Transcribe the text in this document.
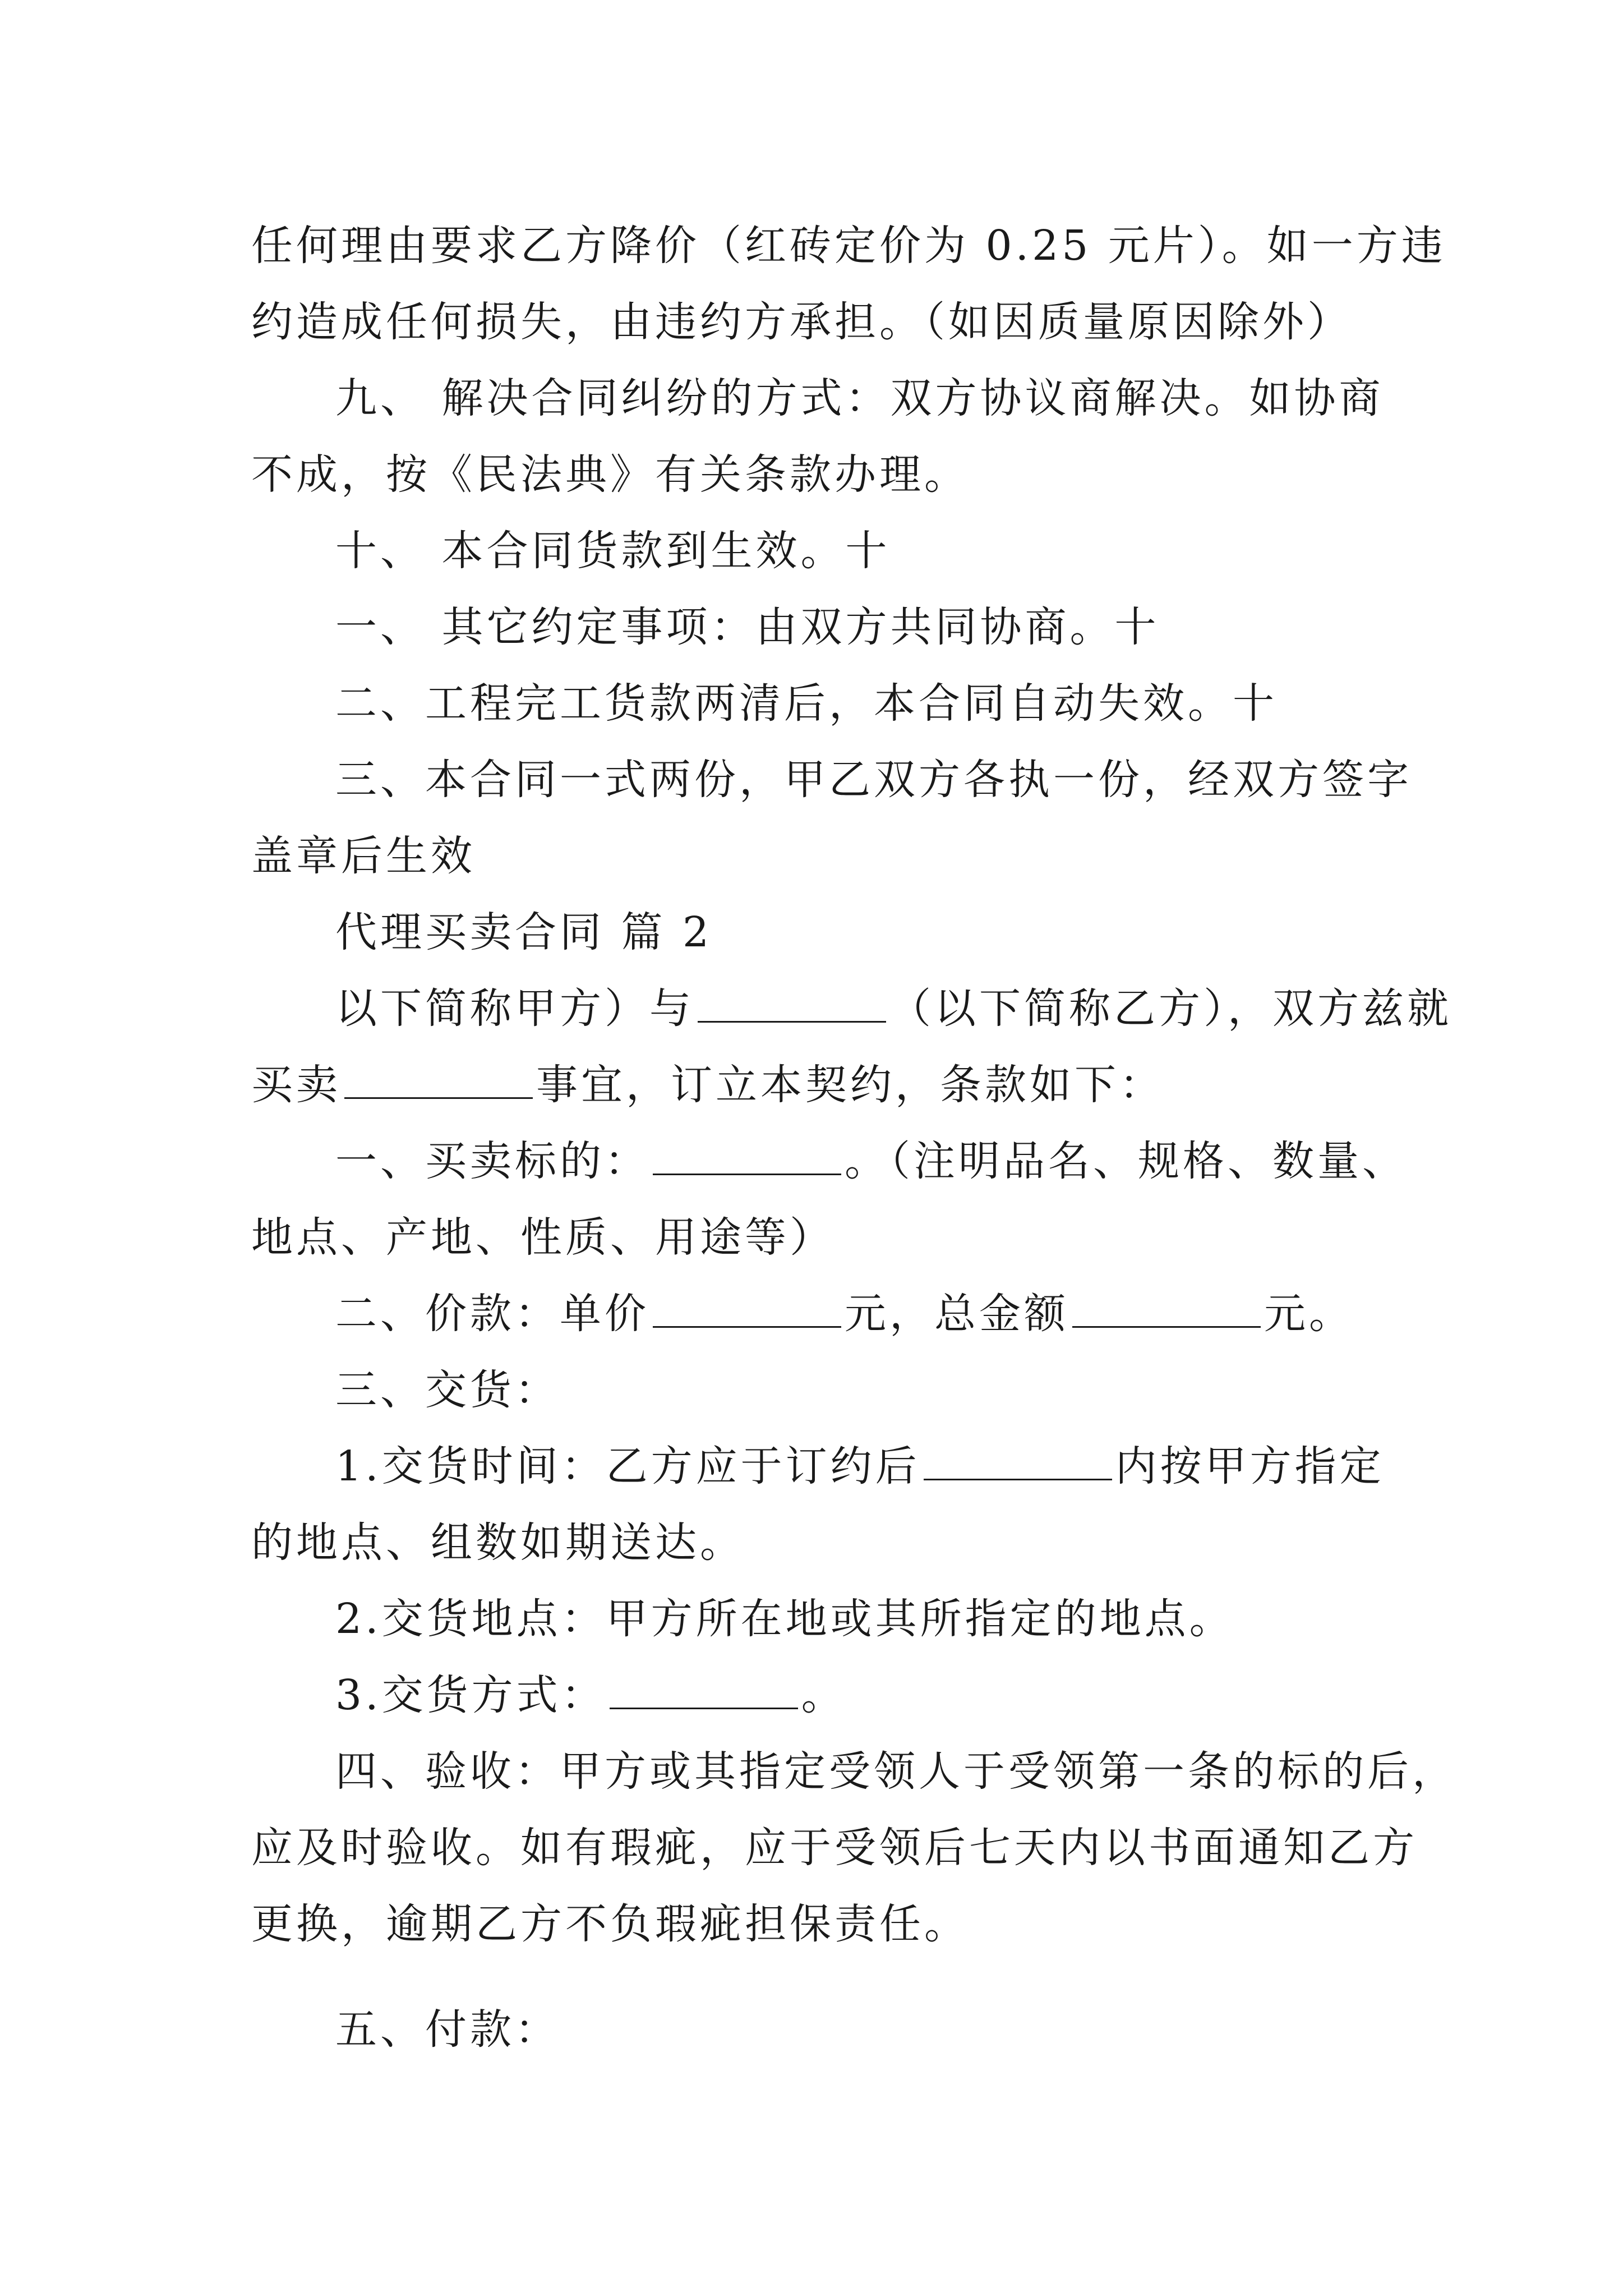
任何理由要求乙方降价（红砖定价为 0.25 元片）。如一方违
约造成任何损失，由违约方承担。（如因质量原因除外）
九、 解决合同纠纷的方式：双方协议商解决。如协商
不成，按《民法典》有关条款办理。
十、 本合同货款到生效。十
一、 其它约定事项：由双方共同协商。十
二、工程完工货款两清后，本合同自动失效。十
三、本合同一式两份，甲乙双方各执一份，经双方签字
盖章后生效
代理买卖合同 篇 2
以下简称甲方）与	（以下简称乙方），双方兹就
买卖	事宜，订立本契约，条款如下：
一、买卖标的：	。（注明品名、规格、数量、
地点、产地、性质、用途等）
二、价款：单价	元，总金额	元。
三、交货：
1.交货时间：乙方应于订约后	内按甲方指定
的地点、组数如期送达。
2.交货地点：甲方所在地或其所指定的地点。
3.交货方式：	。
四、验收：甲方或其指定受领人于受领第一条的标的后，
应及时验收。如有瑕疵，应于受领后七天内以书面通知乙方
更换，逾期乙方不负瑕疵担保责任。
五、付款：
